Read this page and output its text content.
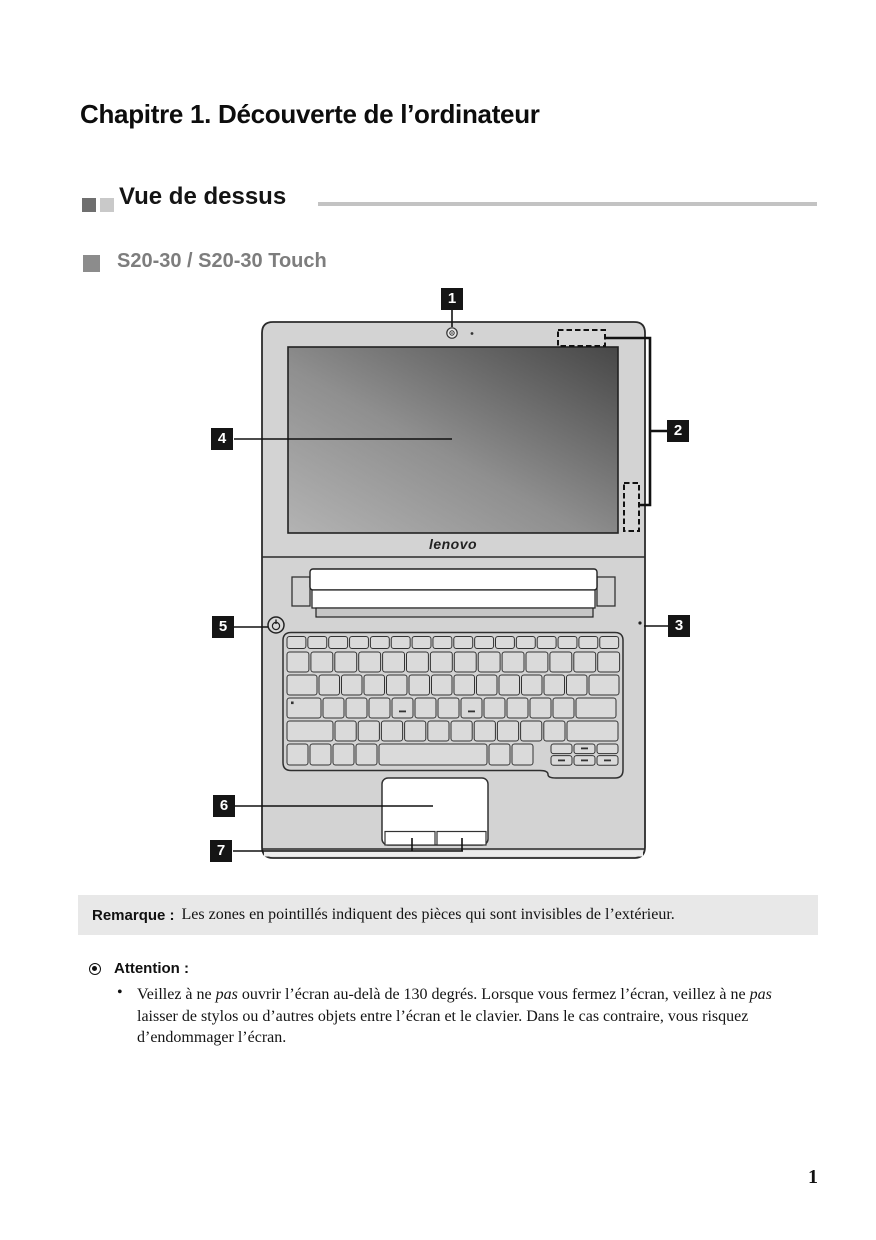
Chapitre 1. Découverte de l’ordinateur
Vue de dessus
S20-30 / S20-30 Touch
lenovo
1
2
3
4
5
6
7
Remarque : Les zones en pointillés indiquent des pièces qui sont invisibles de l’extérieur.
Attention :
• Veillez à ne pas ouvrir l’écran au-delà de 130 degrés. Lorsque vous fermez l’écran, veillez à ne pas laisser de stylos ou d’autres objets entre l’écran et le clavier. Dans le cas contraire, vous risquez d’endommager l’écran.
1
